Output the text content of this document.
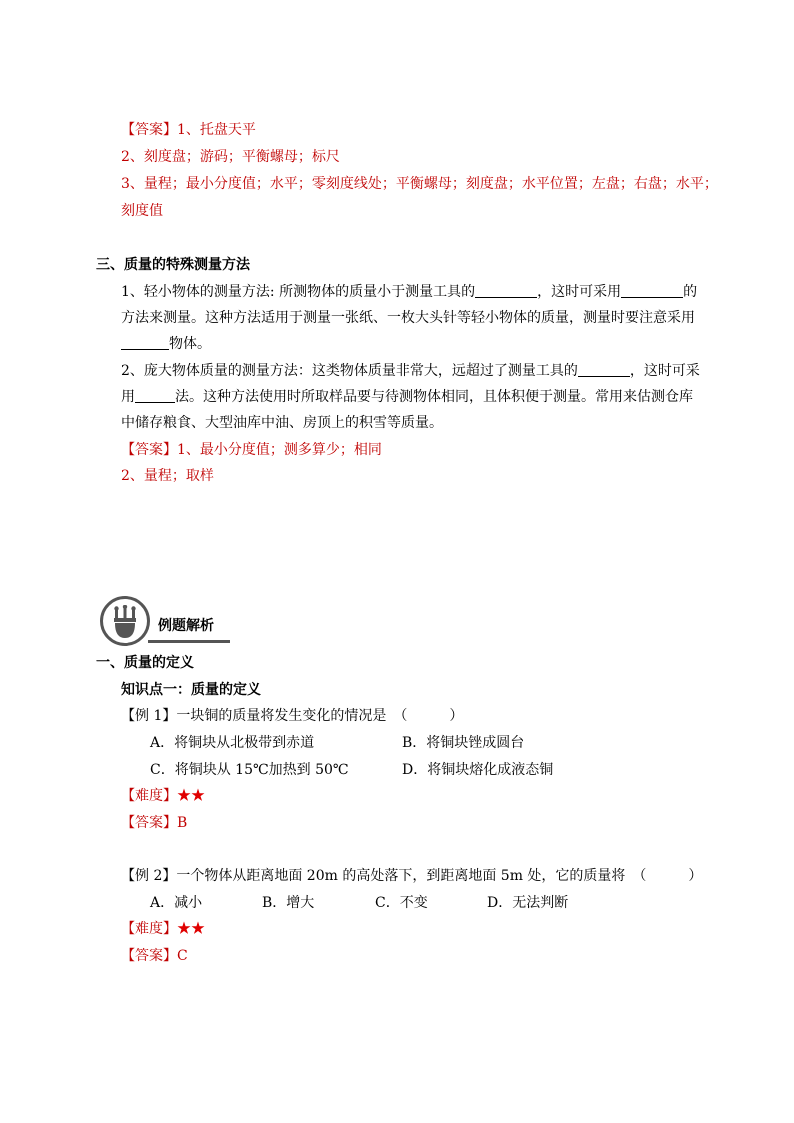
【答案】1、托盘天平
2、刻度盘；游码；平衡螺母；标尺
3、量程；最小分度值；水平；零刻度线处；平衡螺母；刻度盘；水平位置；左盘；右盘；水平；
刻度值
三、质量的特殊测量方法
1、轻小物体的测量方法: 所测物体的质量小于测量工具的	，这时可采用	的
方法来测量。这种方法适用于测量一张纸、一枚大头针等轻小物体的质量，测量时要注意采用
物体。
2、庞大物体质量的测量方法：这类物体质量非常大，远超过了测量工具的	，这时可采
用	法。这种方法使用时所取样品要与待测物体相同，且体积便于测量。常用来估测仓库
中储存粮食、大型油库中油、房顶上的积雪等质量。
【答案】1、最小分度值；测多算少；相同
2、量程；取样
例题解析
一、质量的定义
知识点一：质量的定义
【例 1】一块铜的质量将发生变化的情况是　（　　　）
A．将铜块从北极带到赤道	B．将铜块锉成圆台
C．将铜块从 15℃加热到 50℃	D．将铜块熔化成液态铜
【难度】★★
【答案】B
【例 2】一个物体从距离地面 20m 的高处落下，到距离地面 5m 处，它的质量将　（　　　）
A．减小	B．增大	C．不变	D．无法判断
【难度】★★
【答案】C
